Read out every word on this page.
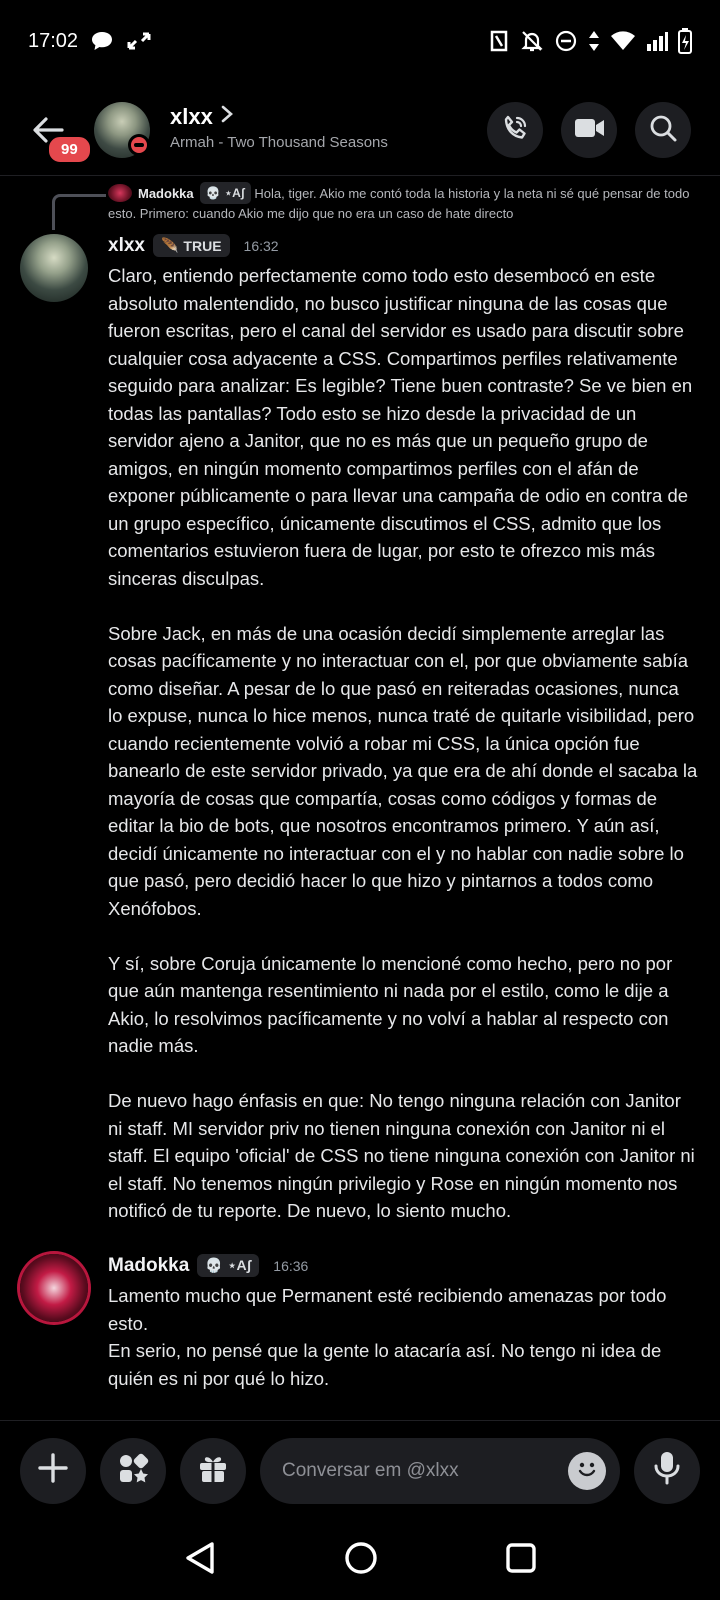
17:02
99
xlxx
Armah - Two Thousand Seasons
Madokka 💀 ⋆Aʃ Hola, tiger. Akio me contó toda la historia y la neta ni sé qué pensar de todo esto. Primero: cuando Akio me dijo que no era un caso de hate directo
xlxx 🪶 TRUE 16:32

Claro, entiendo perfectamente como todo esto desembocó en este absoluto malentendido, no busco justificar ninguna de las cosas que fueron escritas, pero el canal del servidor es usado para discutir sobre cualquier cosa adyacente a CSS. Compartimos perfiles relativamente seguido para analizar: Es legible? Tiene buen contraste? Se ve bien en todas las pantallas? Todo esto se hizo desde la privacidad de un servidor ajeno a Janitor, que no es más que un pequeño grupo de amigos, en ningún momento compartimos perfiles con el afán de exponer públicamente o para llevar una campaña de odio en contra de un grupo específico, únicamente discutimos el CSS, admito que los comentarios estuvieron fuera de lugar, por esto te ofrezco mis más sinceras disculpas.

Sobre Jack, en más de una ocasión decidí simplemente arreglar las cosas pacíficamente y no interactuar con el, por que obviamente sabía como diseñar. A pesar de lo que pasó en reiteradas ocasiones, nunca lo expuse, nunca lo hice menos, nunca traté de quitarle visibilidad, pero cuando recientemente volvió a robar mi CSS, la única opción fue banearlo de este servidor privado, ya que era de ahí donde el sacaba la mayoría de cosas que compartía, cosas como códigos y formas de editar la bio de bots, que nosotros encontramos primero. Y aún así, decidí únicamente no interactuar con el y no hablar con nadie sobre lo que pasó, pero decidió hacer lo que hizo y pintarnos a todos como Xenófobos.

Y sí, sobre Coruja únicamente lo mencioné como hecho, pero no por que aún mantenga resentimiento ni nada por el estilo, como le dije a Akio, lo resolvimos pacíficamente y no volví a hablar al respecto con nadie más.

De nuevo hago énfasis en que: No tengo ninguna relación con Janitor ni staff. MI servidor priv no tienen ninguna conexión con Janitor ni el staff. El equipo 'oficial' de CSS no tiene ninguna conexión con Janitor ni el staff. No tenemos ningún privilegio y Rose en ningún momento nos notificó de tu reporte. De nuevo, lo siento mucho.

Madokka 💀 ⋆Aʃ 16:36
Lamento mucho que Permanent esté recibiendo amenazas por todo esto.
En serio, no pensé que la gente lo atacaría así. No tengo ni idea de quién es ni por qué lo hizo.
Conversar em @xlxx
